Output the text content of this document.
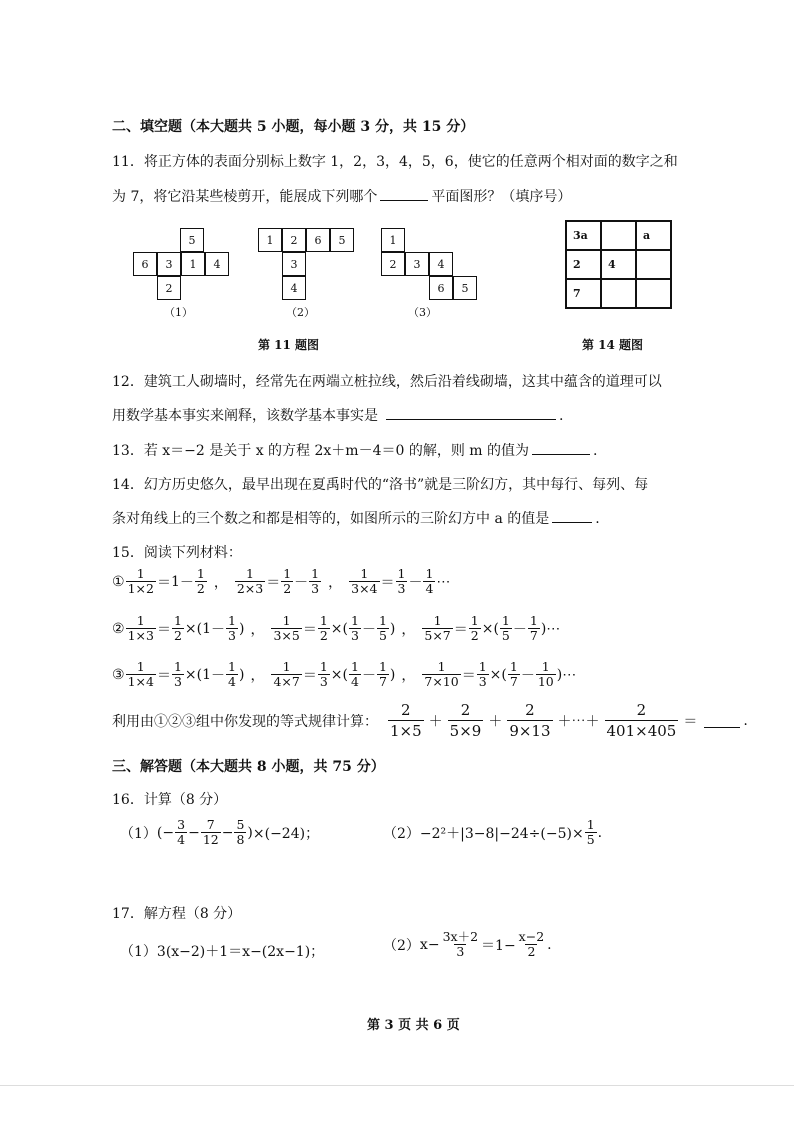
二、填空题（本大题共 5 小题，每小题 3 分，共 15 分）
11．将正方体的表面分别标上数字 1，2，3，4，5，6，使它的任意两个相对面的数字之和
为 7，将它沿某些棱剪开，能展成下列哪个	平面图形？（填序号）
5
6	3	1	4
2
（1）
1	2	6	5
3
4
（2）
1
2	3	4
6	5
（3）
第 11 题图
3a		a
2	4	
7		
第 14 题图
12．建筑工人砌墙时，经常先在两端立桩拉线，然后沿着线砌墙，这其中蕴含的道理可以
用数学基本事实来阐释，该数学基本事实是	.
13．若 x＝−2 是关于 x 的方程 2x＋m－4＝0 的解，则 m 的值为	.
14．幻方历史悠久，最早出现在夏禹时代的“洛书”就是三阶幻方，其中每行、每列、每
条对角线上的三个数之和都是相等的，如图所示的三阶幻方中 a 的值是	.
15．阅读下列材料：
① $\frac{1}{1\times 2} = 1 - \frac{1}{2}$ ， $\frac{1}{2\times 3} = \frac{1}{2} - \frac{1}{3}$ ， $\frac{1}{3\times 4} = \frac{1}{3} - \frac{1}{4}$ ⋯
② $\frac{1}{1\times 3} = \frac{1}{2}$ × ( $1 - \frac{1}{3}$ ) ， $\frac{1}{3\times 5} = \frac{1}{2}$ × ( $\frac{1}{3} - \frac{1}{5}$ ) ， $\frac{1}{5\times 7} = \frac{1}{2}$ × ( $\frac{1}{5} - \frac{1}{7}$ ) ⋯
③ $\frac{1}{1\times 4} = \frac{1}{3}$ × ( $1 - \frac{1}{4}$ ) ， $\frac{1}{4\times 7} = \frac{1}{3}$ × ( $\frac{1}{4} - \frac{1}{7}$ ) ， $\frac{1}{7\times 10} = \frac{1}{3}$ × ( $\frac{1}{7} - \frac{1}{10}$ ) ⋯
利用由①②③组中你发现的等式规律计算： $\frac{2}{1\times 5} + \frac{2}{5\times 9} + \frac{2}{9\times 13}$ ＋⋯＋ $\frac{2}{401\times 405}$ ＝	.
三、解答题（本大题共 8 小题，共 75 分）
16．计算（8 分）
（1） (− $\frac{3}{4} - \frac{7}{12} - \frac{5}{8}$ ) ×(−24)；	$(2)-2^2+|3-8|-24\div(-5)\times \frac{1}{5}$ .
17．解方程（8 分）
（1）3(x−2)＋1＝x−(2x−1)；	（2） $x- \frac{3x+2}{3} =1- \frac{x-2}{2}$ .
第 3 页 共 6 页
